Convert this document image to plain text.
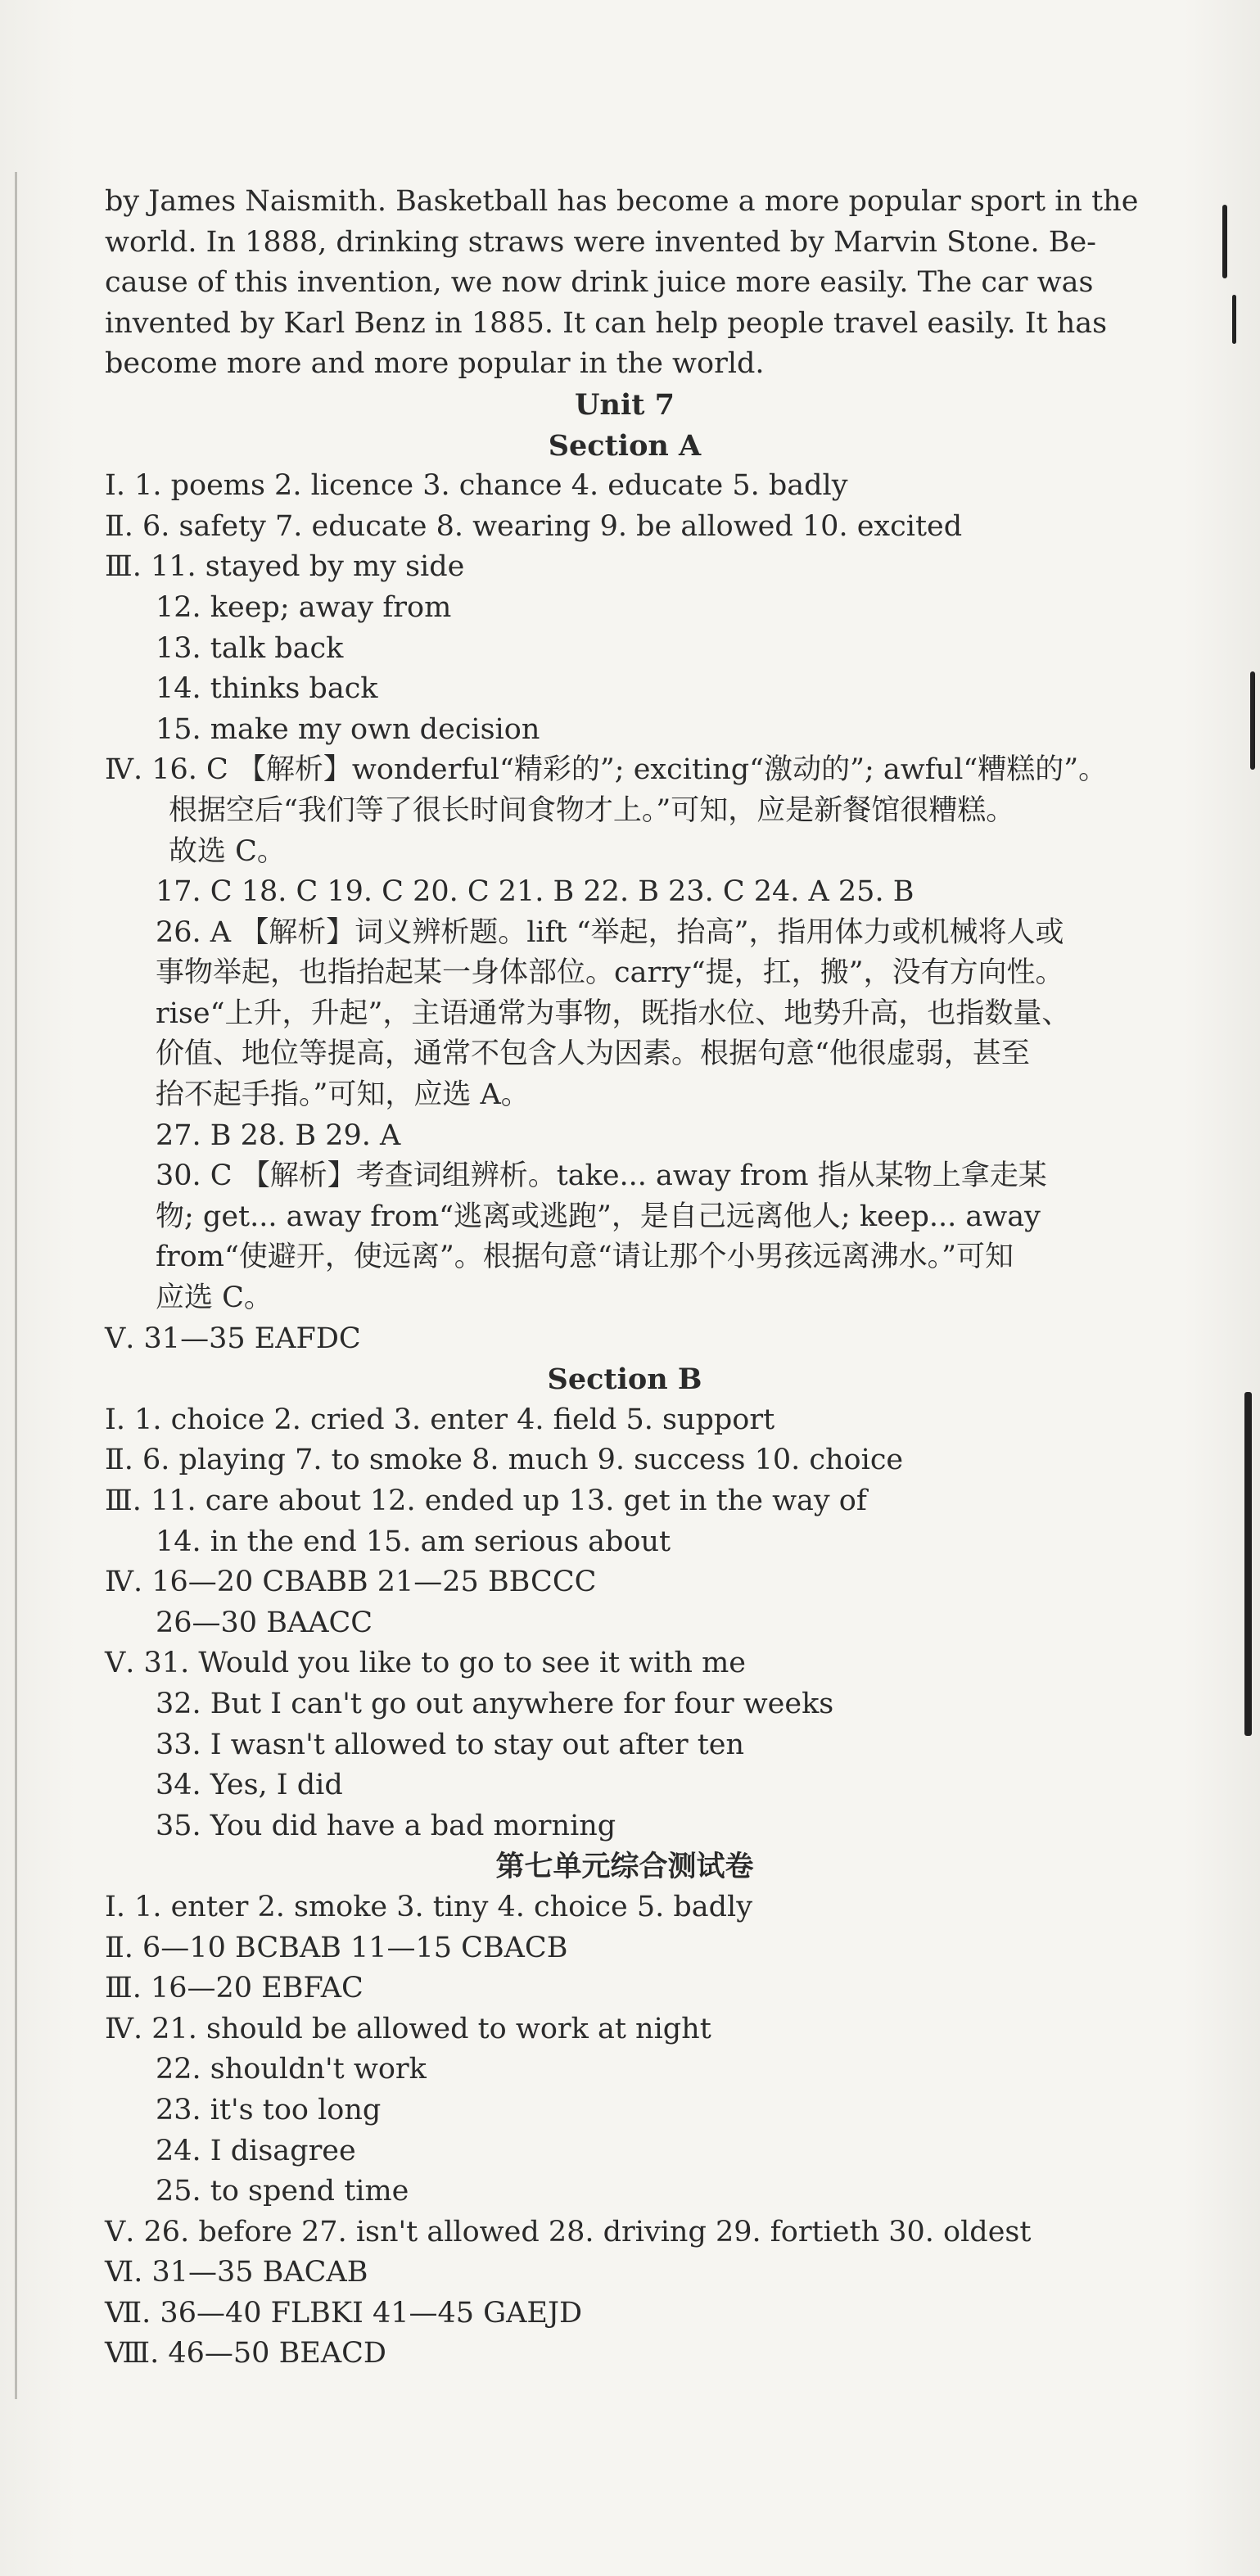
by James Naismith. Basketball has become a more popular sport in the
world. In 1888, drinking straws were invented by Marvin Stone. Be-
cause of this invention, we now drink juice more easily. The car was
invented by Karl Benz in 1885. It can help people travel easily. It has
become more and more popular in the world.
Unit 7
Section A
Ⅰ. 1. poems 2. licence 3. chance 4. educate 5. badly
Ⅱ. 6. safety 7. educate 8. wearing 9. be allowed 10. excited
Ⅲ. 11. stayed by my side
12. keep; away from
13. talk back
14. thinks back
15. make my own decision
Ⅳ. 16. C 【解析】wonderful“精彩的”; exciting“激动的”; awful“糟糕的”。
根据空后“我们等了很长时间食物才上。”可知，应是新餐馆很糟糕。
故选 C。
17. C 18. C 19. C 20. C 21. B 22. B 23. C 24. A 25. B
26. A 【解析】词义辨析题。lift “举起，抬高”，指用体力或机械将人或
事物举起，也指抬起某一身体部位。carry“提，扛，搬”，没有方向性。
rise“上升，升起”，主语通常为事物，既指水位、地势升高，也指数量、
价值、地位等提高，通常不包含人为因素。根据句意“他很虚弱，甚至
抬不起手指。”可知，应选 A。
27. B 28. B 29. A
30. C 【解析】考查词组辨析。take... away from 指从某物上拿走某
物; get... away from“逃离或逃跑”，是自己远离他人; keep... away
from“使避开，使远离”。根据句意“请让那个小男孩远离沸水。”可知
应选 C。
Ⅴ. 31—35 EAFDC
Section B
Ⅰ. 1. choice 2. cried 3. enter 4. field 5. support
Ⅱ. 6. playing 7. to smoke 8. much 9. success 10. choice
Ⅲ. 11. care about 12. ended up 13. get in the way of
14. in the end 15. am serious about
Ⅳ. 16—20 CBABB 21—25 BBCCC
26—30 BAACC
Ⅴ. 31. Would you like to go to see it with me
32. But I can't go out anywhere for four weeks
33. I wasn't allowed to stay out after ten
34. Yes, I did
35. You did have a bad morning
第七单元综合测试卷
Ⅰ. 1. enter 2. smoke 3. tiny 4. choice 5. badly
Ⅱ. 6—10 BCBAB 11—15 CBACB
Ⅲ. 16—20 EBFAC
Ⅳ. 21. should be allowed to work at night
22. shouldn't work
23. it's too long
24. I disagree
25. to spend time
Ⅴ. 26. before 27. isn't allowed 28. driving 29. fortieth 30. oldest
Ⅵ. 31—35 BACAB
Ⅶ. 36—40 FLBKI 41—45 GAEJD
Ⅷ. 46—50 BEACD
